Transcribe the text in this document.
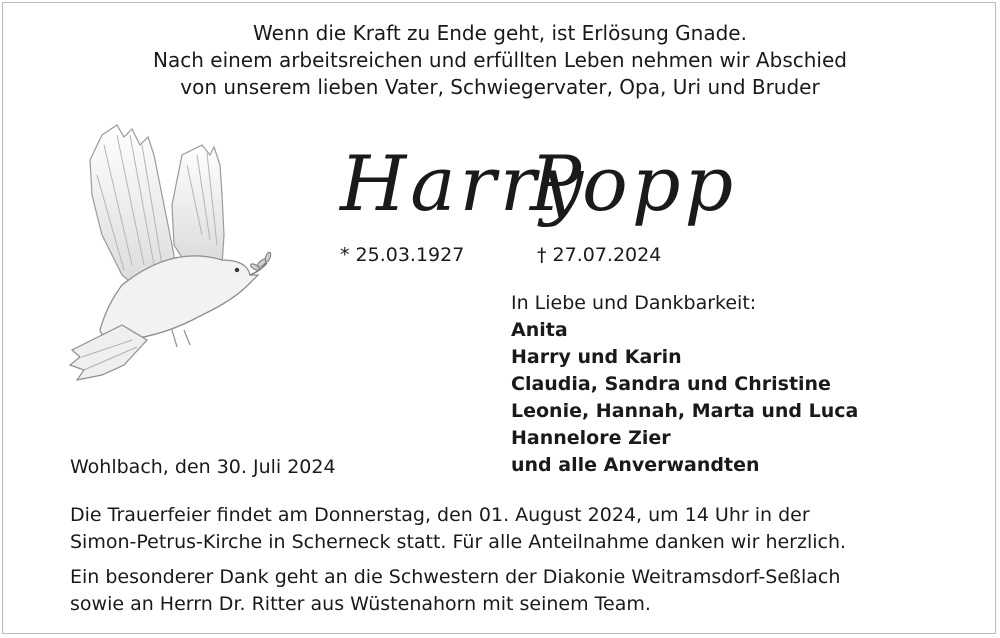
Wenn die Kraft zu Ende geht, ist Erlösung Gnade.
Nach einem arbeitsreichen und erfüllten Leben nehmen wir Abschied
von unserem lieben Vater, Schwiegervater, Opa, Uri und Bruder
Harry
Popp
* 25.03.1927	† 27.07.2024
In Liebe und Dankbarkeit:
Anita
Harry und Karin
Claudia, Sandra und Christine
Leonie, Hannah, Marta und Luca
Hannelore Zier
und alle Anverwandten
Wohlbach, den 30. Juli 2024
Die Trauerfeier findet am Donnerstag, den 01. August 2024, um 14 Uhr in der
Simon-Petrus-Kirche in Scherneck statt. Für alle Anteilnahme danken wir herzlich.
Ein besonderer Dank geht an die Schwestern der Diakonie Weitramsdorf-Seßlach
sowie an Herrn Dr. Ritter aus Wüstenahorn mit seinem Team.
